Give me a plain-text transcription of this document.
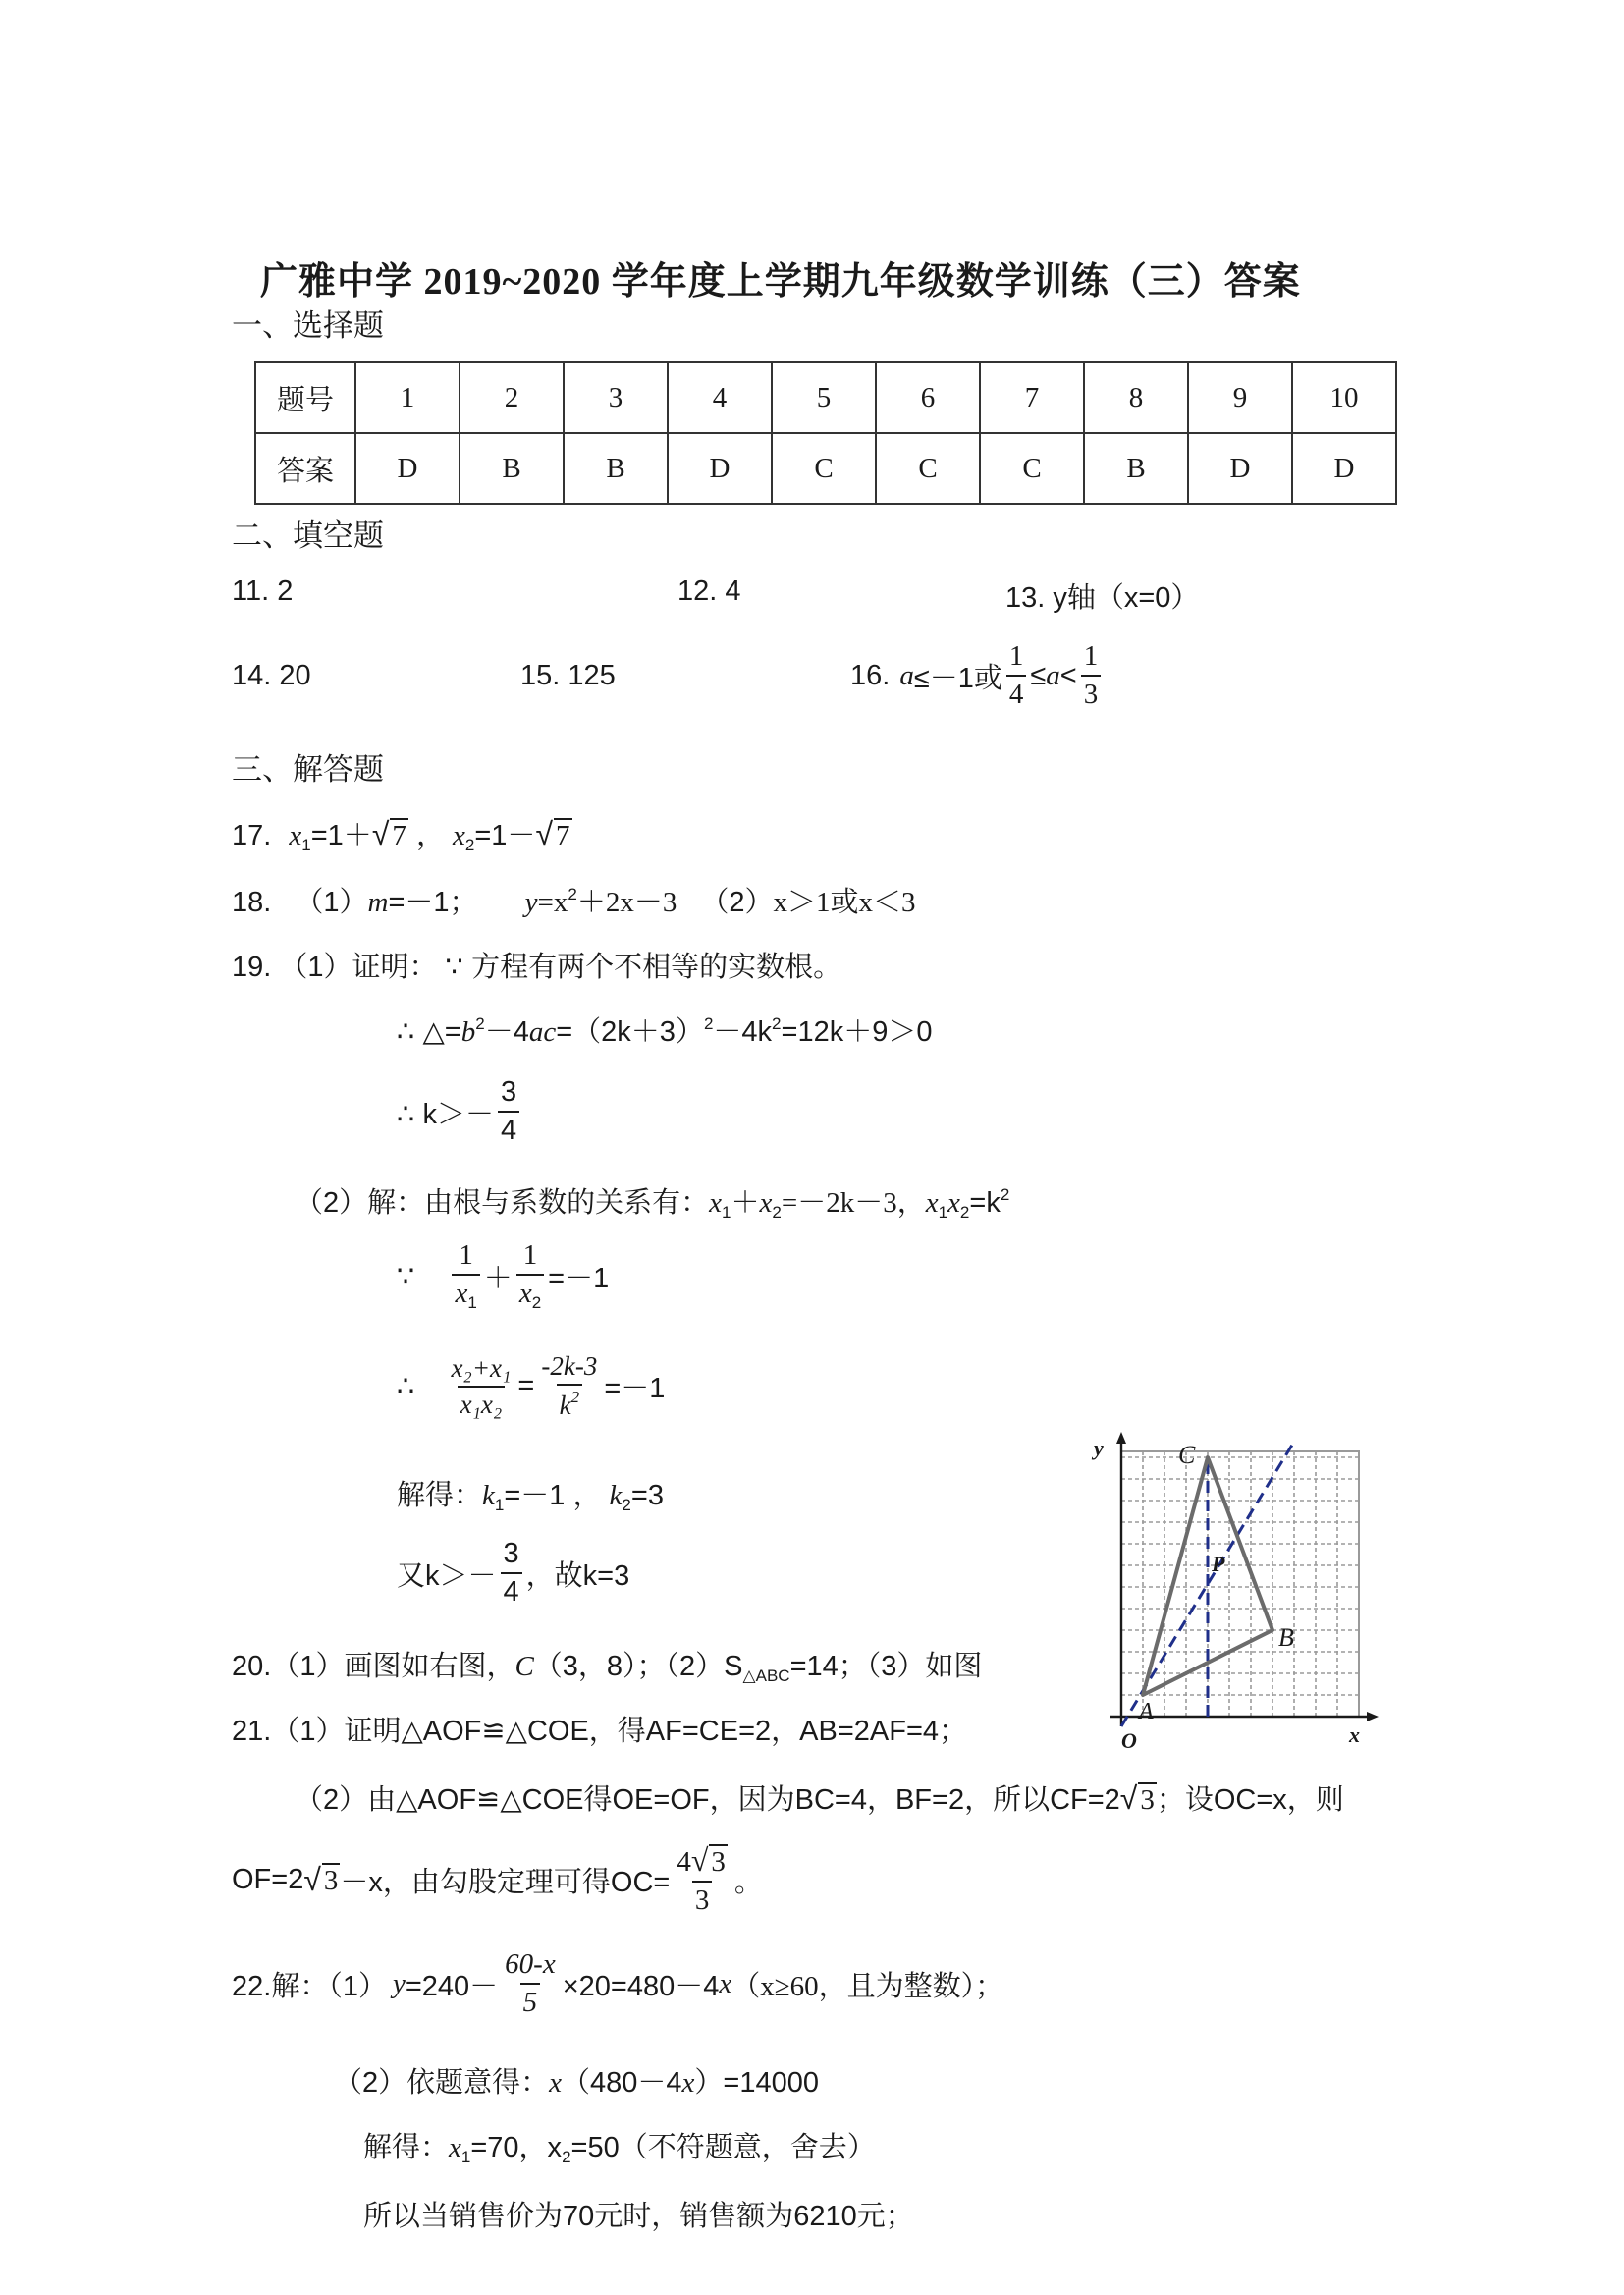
广雅中学 2019~2020 学年度上学期九年级数学训练（三）答案
一、选择题
题号	1	2	3	4	5	6	7	8	9	10
答案	D	B	B	D	C	C	C	B	D	D
二、填空题
11. 2	12. 4	13. y轴（x=0）
14. 20	15. 125	16. a ≤－1或 $\frac{1}{4} \le a < \frac{1}{3}$
三、解答题
17. $x_1=1+√$ 7 ， $x_2=1-√$ 7
18. （1）m=－1； $y=x^2+2x-3$ （2）x＞1或x＜3
19. （1）证明： ∵ 方程有两个不相等的实数根。
∴ $\triangle=b^2-4ac=(2k+3)^2-4k^2=12k+9>0$
∴ $k>- \frac{3}{4}$
（2）解：由根与系数的关系有：$x_1+x_2=-2k-3$，$x_1x_2=k^2$
∵ $\frac{1}{x_1} + \frac{1}{x_2} =-1$
∴ $\frac{\text{x₂+x₁}}{\text{x₁x₂}} = \frac{-2k-3}{k^2} =-1$
解得：$k_1=-1$ ， $k_2=3$
又$k>- \frac{3}{4}$ ，故k=3
y
x
O
C
P
B
A
20.（1）画图如右图，C（3，8）；$(2)S_{\triangle ABC}=14$；（3）如图
21.（1）证明△AOF≌△COE，得AF=CE=2，AB=2AF=4；
（2）由△AOF≌△COE得OE=OF，因为BC=4，BF=2，所以CF=2√ 3；设OC=x，则
OF=2 √ 3 －x，由勾股定理可得$OC= \frac{4√ 3}{3}$ 。
22.解：（1） $y =240- \frac{60-x}{5} \times 20=480-4$ x （x≥60，且为整数）；
（2）依题意得：x（480－4x）=14000
解得：$x_1=70$，$x_2=50$（不符题意，舍去）
所以当销售价为70元时，销售额为6210元；
